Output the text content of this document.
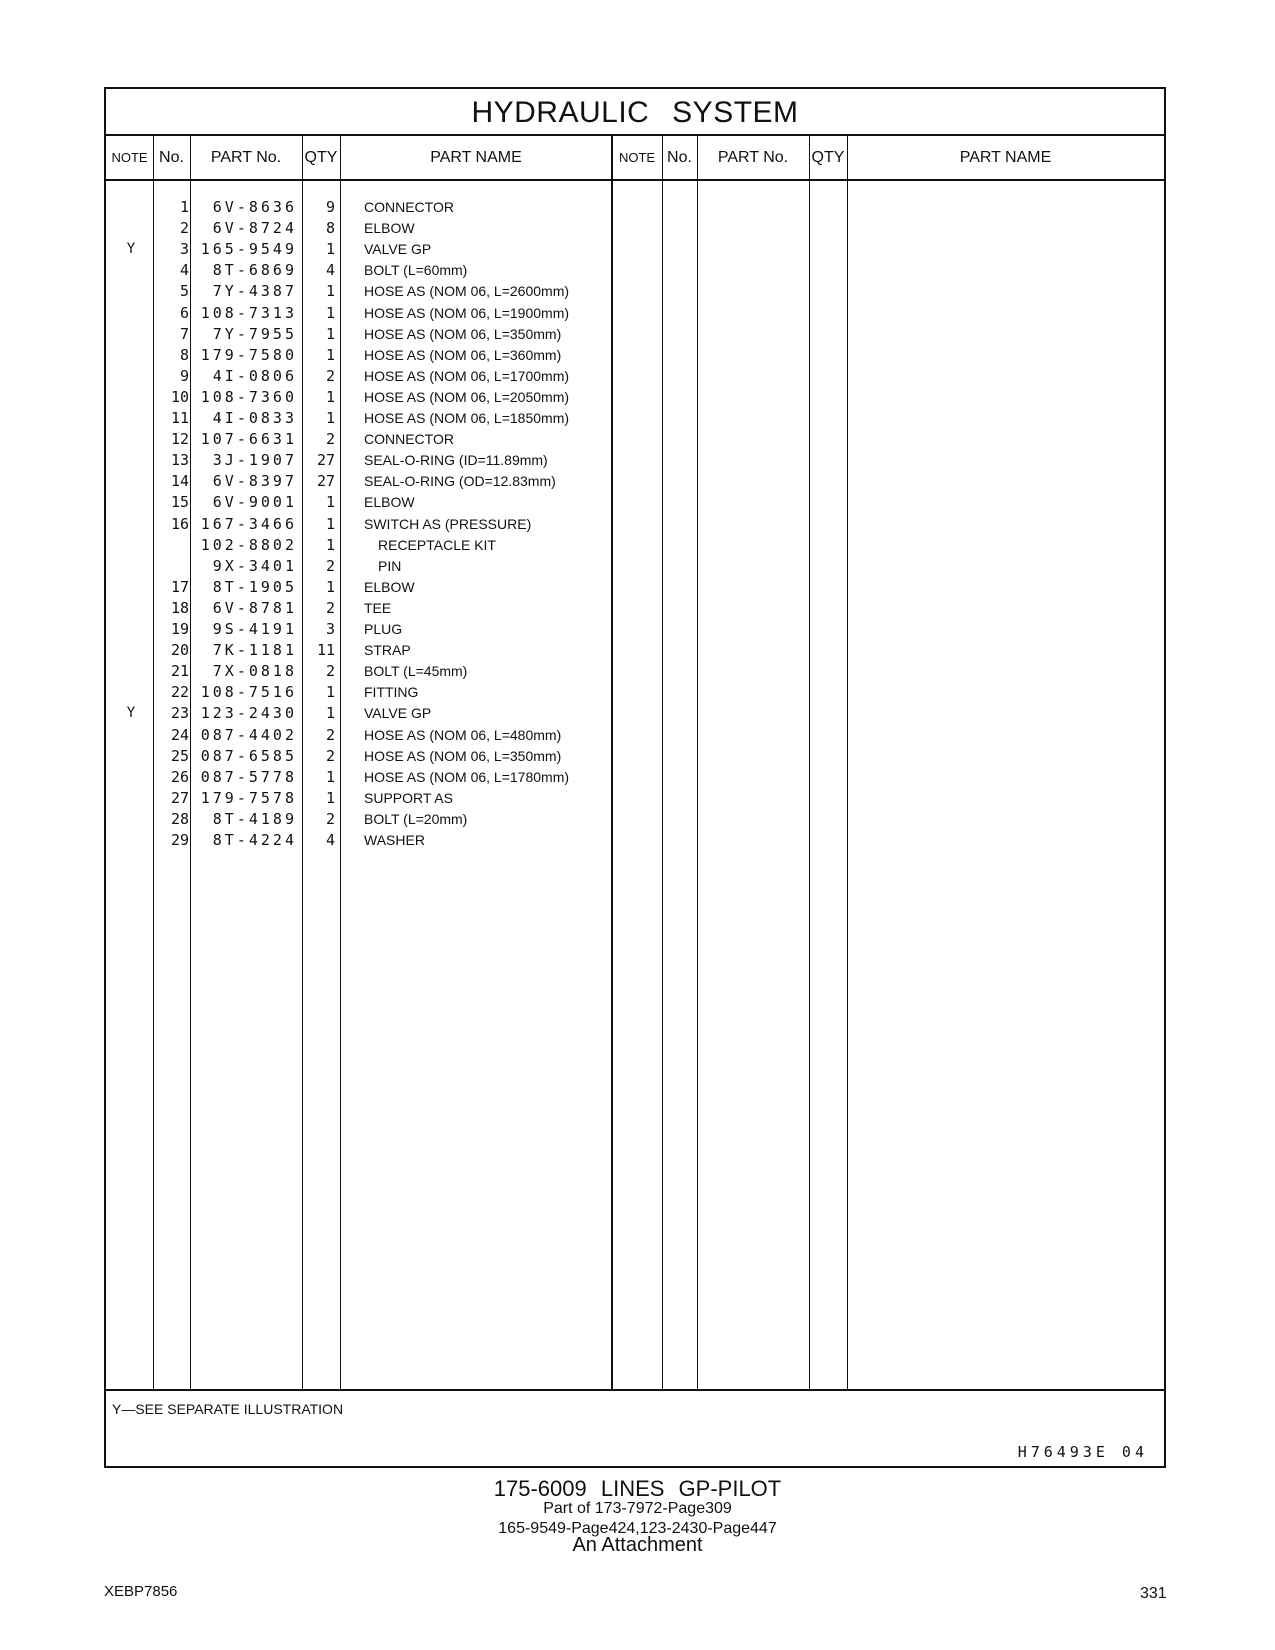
HYDRAULIC SYSTEM
NOTE No.	PART No.	QTY	PART NAME	NOTE No.	PART No.	QTY	PART NAME
1	6V-8636	9 CONNECTOR
2	6V-8724	8 ELBOW
Y	3 165-9549	1 VALVE GP
4	8T-6869	4 BOLT (L=60mm)
5	7Y-4387	1 HOSE AS (NOM 06, L=2600mm)
6 108-7313	1 HOSE AS (NOM 06, L=1900mm)
7	7Y-7955	1 HOSE AS (NOM 06, L=350mm)
8 179-7580	1 HOSE AS (NOM 06, L=360mm)
9	4I-0806	2 HOSE AS (NOM 06, L=1700mm)
10 108-7360	1 HOSE AS (NOM 06, L=2050mm)
11	4I-0833	1 HOSE AS (NOM 06, L=1850mm)
12 107-6631	2 CONNECTOR
13	3J-1907	27 SEAL-O-RING (ID=11.89mm)
14	6V-8397	27 SEAL-O-RING (OD=12.83mm)
15	6V-9001	1 ELBOW
16 167-3466	1 SWITCH AS (PRESSURE)
102-8802	1	RECEPTACLE KIT
9X-3401	2	PIN
17	8T-1905	1 ELBOW
18	6V-8781	2 TEE
19	9S-4191	3 PLUG
20	7K-1181	11 STRAP
21	7X-0818	2 BOLT (L=45mm)
22 108-7516	1 FITTING
Y	23 123-2430	1 VALVE GP
24 087-4402	2 HOSE AS (NOM 06, L=480mm)
25 087-6585	2 HOSE AS (NOM 06, L=350mm)
26 087-5778	1 HOSE AS (NOM 06, L=1780mm)
27 179-7578	1 SUPPORT AS
28	8T-4189	2 BOLT (L=20mm)
29	8T-4224	4 WASHER
Y—SEE SEPARATE ILLUSTRATION
H76493E 04
175-6009 LINES GP-PILOT
Part of 173-7972-Page309
165-9549-Page424,123-2430-Page447
An Attachment
XEBP7856	331
